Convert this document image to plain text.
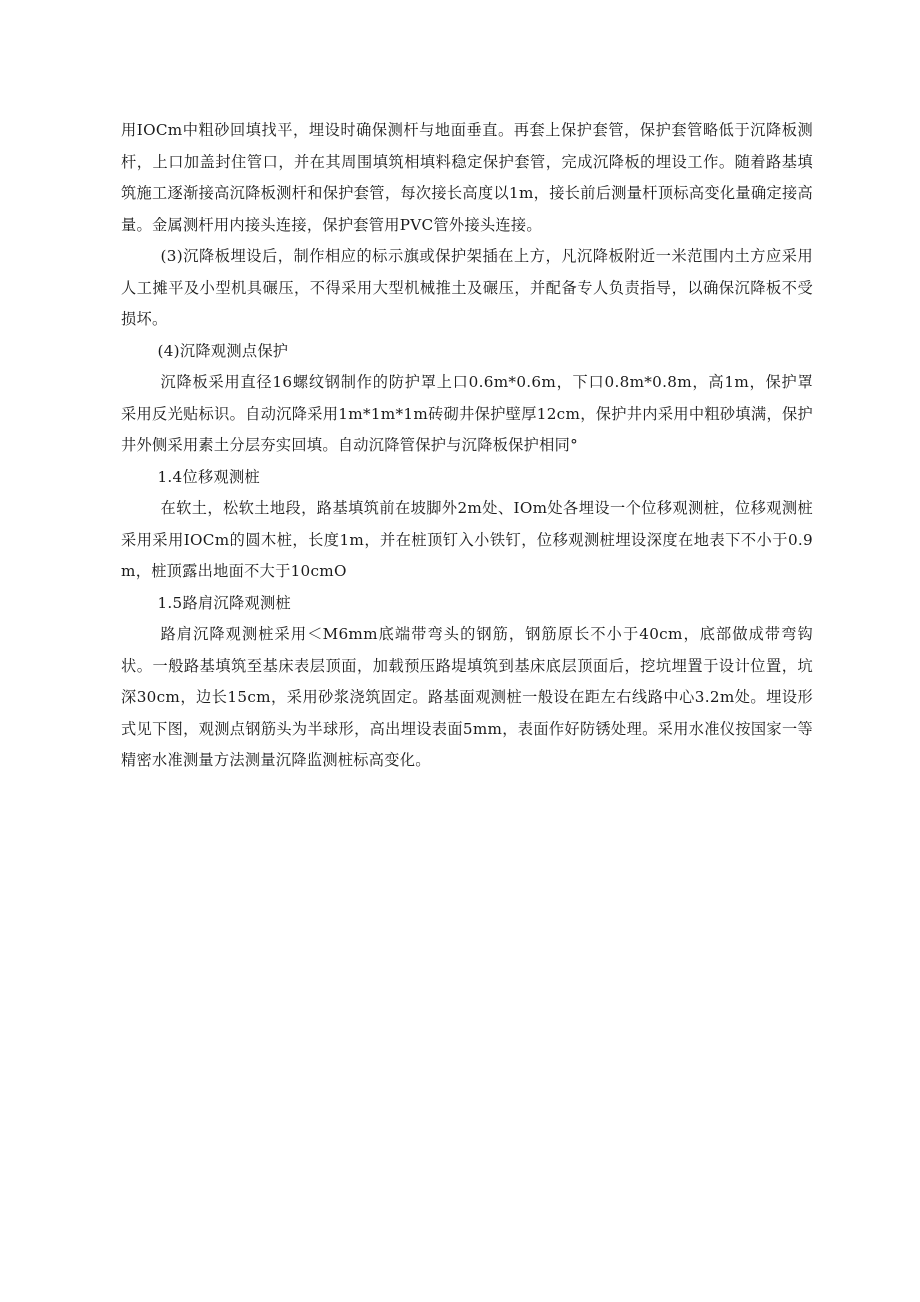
用IOCm中粗砂回填找平，埋设时确保测杆与地面垂直。再套上保护套管，保护套管略低于沉降板测杆，上口加盖封住管口，并在其周围填筑相填料稳定保护套管，完成沉降板的埋设工作。随着路基填筑施工逐渐接高沉降板测杆和保护套管，每次接长高度以1m，接长前后测量杆顶标高变化量确定接高量。金属测杆用内接头连接，保护套管用PVC管外接头连接。

(3)沉降板埋设后，制作相应的标示旗或保护架插在上方，凡沉降板附近一米范围内土方应采用人工摊平及小型机具碾压，不得采用大型机械推土及碾压，并配备专人负责指导，以确保沉降板不受损坏。

(4)沉降观测点保护

沉降板采用直径16螺纹钢制作的防护罩上口0.6m*0.6m，下口0.8m*0.8m，高1m，保护罩采用反光贴标识。自动沉降采用1m*1m*1m砖砌井保护壁厚12cm，保护井内采用中粗砂填满，保护井外侧采用素土分层夯实回填。自动沉降管保护与沉降板保护相同°

1.4位移观测桩

在软土，松软土地段，路基填筑前在坡脚外2m处、IOm处各埋设一个位移观测桩，位移观测桩采用采用IOCm的圆木桩，长度1m，并在桩顶钉入小铁钉，位移观测桩埋设深度在地表下不小于0.9m，桩顶露出地面不大于10cmO

1.5路肩沉降观测桩

路肩沉降观测桩采用＜M6mm底端带弯头的钢筋，钢筋原长不小于40cm，底部做成带弯钩状。一般路基填筑至基床表层顶面，加载预压路堤填筑到基床底层顶面后，挖坑埋置于设计位置，坑深30cm，边长15cm，采用砂浆浇筑固定。路基面观测桩一般设在距左右线路中心3.2m处。埋设形式见下图，观测点钢筋头为半球形，高出埋设表面5mm，表面作好防锈处理。采用水准仪按国家一等精密水准测量方法测量沉降监测桩标高变化。
